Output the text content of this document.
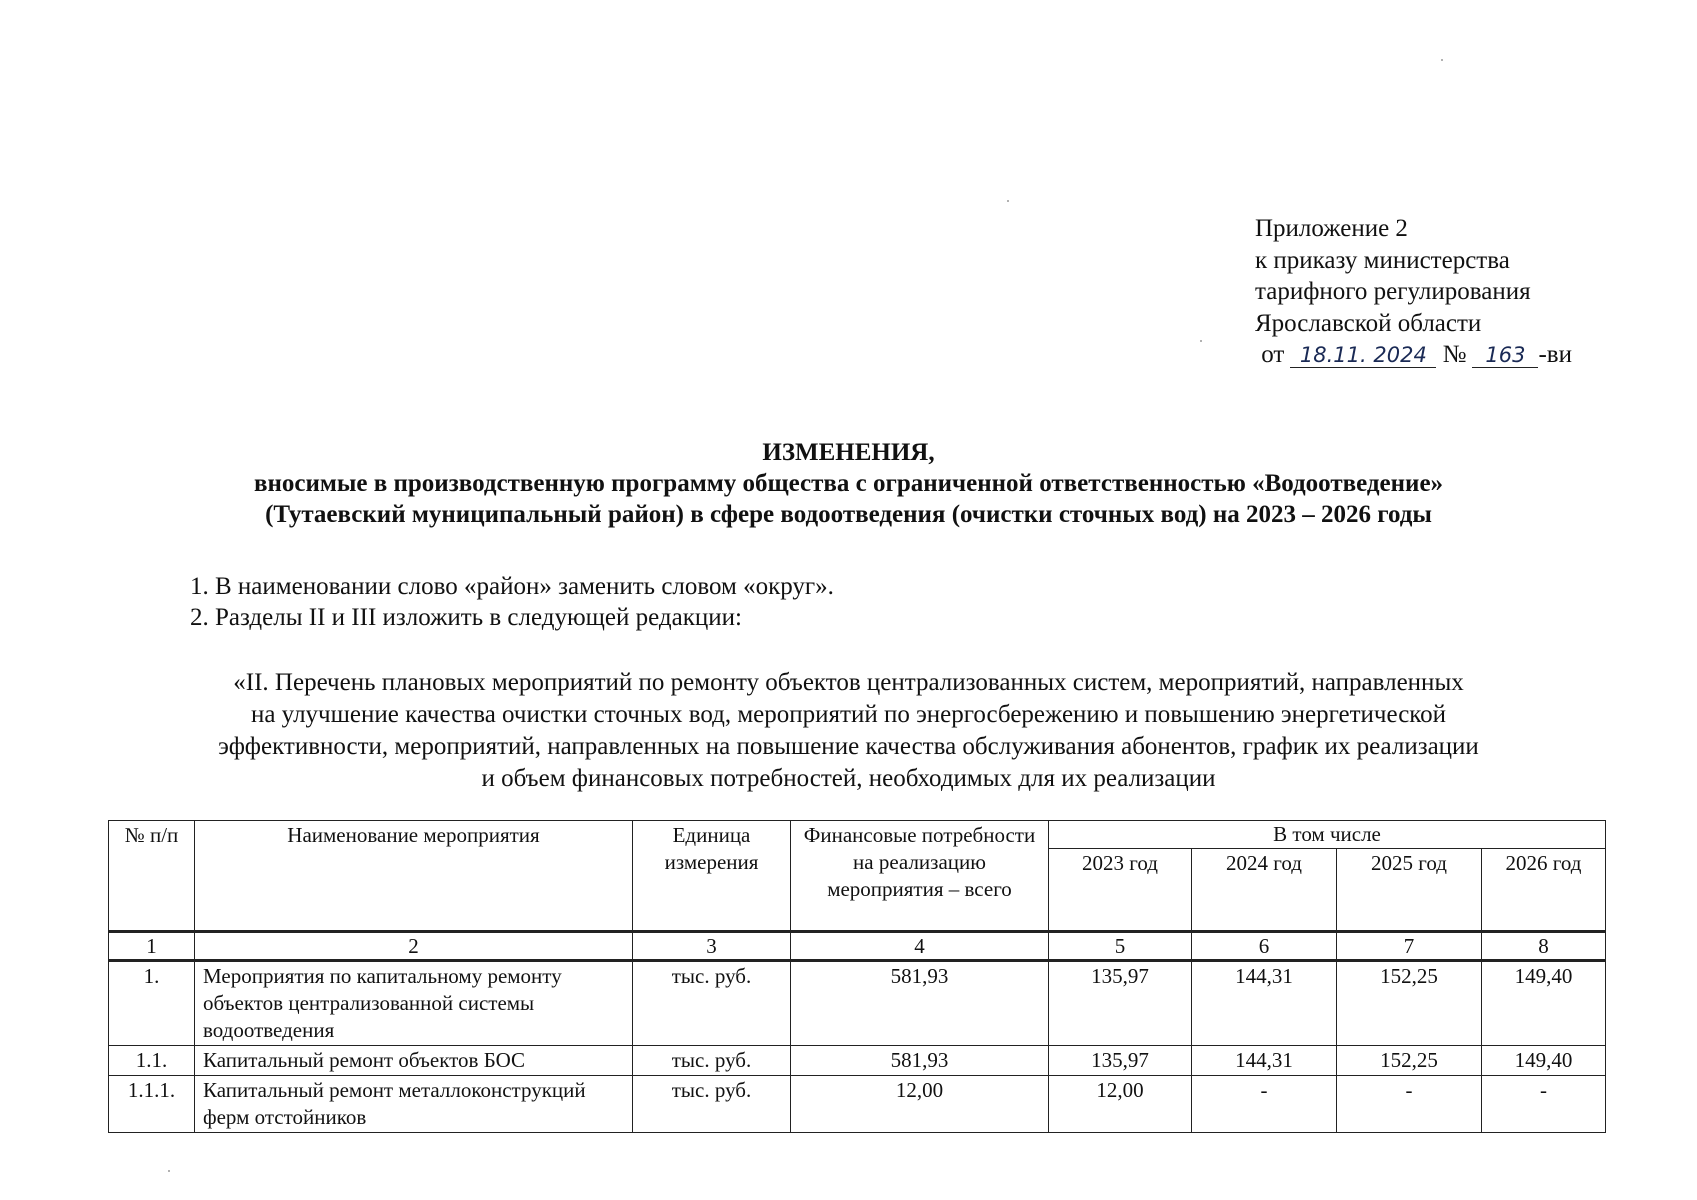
Приложение 2
к приказу министерства
тарифного регулирования
Ярославской области
от 18.11. 2024 № 163 -ви
ИЗМЕНЕНИЯ,
вносимые в производственную программу общества с ограниченной ответственностью «Водоотведение»
(Тутаевский муниципальный район) в сфере водоотведения (очистки сточных вод) на 2023 – 2026 годы
1. В наименовании слово «район» заменить словом «округ».
2. Разделы II и III изложить в следующей редакции:
«II. Перечень плановых мероприятий по ремонту объектов централизованных систем, мероприятий, направленных
на улучшение качества очистки сточных вод, мероприятий по энергосбережению и повышению энергетической
эффективности, мероприятий, направленных на повышение качества обслуживания абонентов, график их реализации
и объем финансовых потребностей, необходимых для их реализации
№ п/п	Наименование мероприятия	Единица измерения	Финансовые потребности на реализацию мероприятия – всего	В том числе			
				2023 год	2024 год	2025 год	2026 год
1	2	3	4	5	6	7	8
1.	Мероприятия по капитальному ремонту объектов централизованной системы водоотведения	тыс. руб.	581,93	135,97	144,31	152,25	149,40
1.1.	Капитальный ремонт объектов БОС	тыс. руб.	581,93	135,97	144,31	152,25	149,40
1.1.1.	Капитальный ремонт металлоконструкций ферм отстойников	тыс. руб.	12,00	12,00	-	-	-
